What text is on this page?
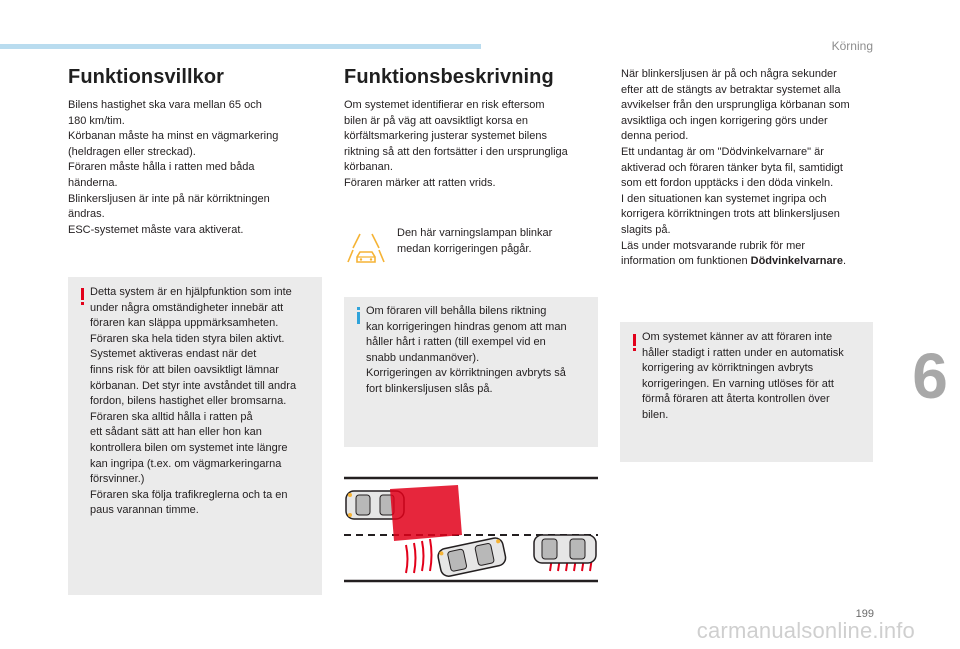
Körning
Funktionsvillkor

Bilens hastighet ska vara mellan 65 och

180 km/tim.

Körbanan måste ha minst en vägmarkering

(heldragen eller streckad).

Föraren måste hålla i ratten med båda

händerna.

Blinkersljusen är inte på när körriktningen

ändras.

ESC-systemet måste vara aktiverat.

Detta system är en hjälpfunktion som inte

under några omständigheter innebär att

föraren kan släppa uppmärksamheten.

Föraren ska hela tiden styra bilen aktivt.

Systemet aktiveras endast när det

finns risk för att bilen oavsiktligt lämnar

körbanan. Det styr inte avståndet till andra

fordon, bilens hastighet eller bromsarna.

Föraren ska alltid hålla i ratten på

ett sådant sätt att han eller hon kan

kontrollera bilen om systemet inte längre

kan ingripa (t.ex. om vägmarkeringarna

försvinner.)

Föraren ska följa trafikreglerna och ta en

paus varannan timme.

Funktionsbeskrivning

Om systemet identifierar en risk eftersom

bilen är på väg att oavsiktligt korsa en

körfältsmarkering justerar systemet bilens

riktning så att den fortsätter i den ursprungliga

körbanan.

Föraren märker att ratten vrids.

Den här varningslampan blinkar

medan korrigeringen pågår.

Om föraren vill behålla bilens riktning

kan korrigeringen hindras genom att man

håller hårt i ratten (till exempel vid en

snabb undanmanöver).

Korrigeringen av körriktningen avbryts så

fort blinkersljusen slås på.

När blinkersljusen är på och några sekunder

efter att de stängts av betraktar systemet alla

avvikelser från den ursprungliga körbanan som

avsiktliga och ingen korrigering görs under

denna period.

Ett undantag är om "Dödvinkelvarnare" är

aktiverad och föraren tänker byta fil, samtidigt

som ett fordon upptäcks i den döda vinkeln.

I den situationen kan systemet ingripa och

korrigera körriktningen trots att blinkersljusen

slagits på.

Läs under motsvarande rubrik för mer

information om funktionen Dödvinkelvarnare.

Om systemet känner av att föraren inte

håller stadigt i ratten under en automatisk

korrigering av körriktningen avbryts

korrigeringen. En varning utlöses för att

förmå föraren att återta kontrollen över

bilen.

6
199
carmanualsonline.info
